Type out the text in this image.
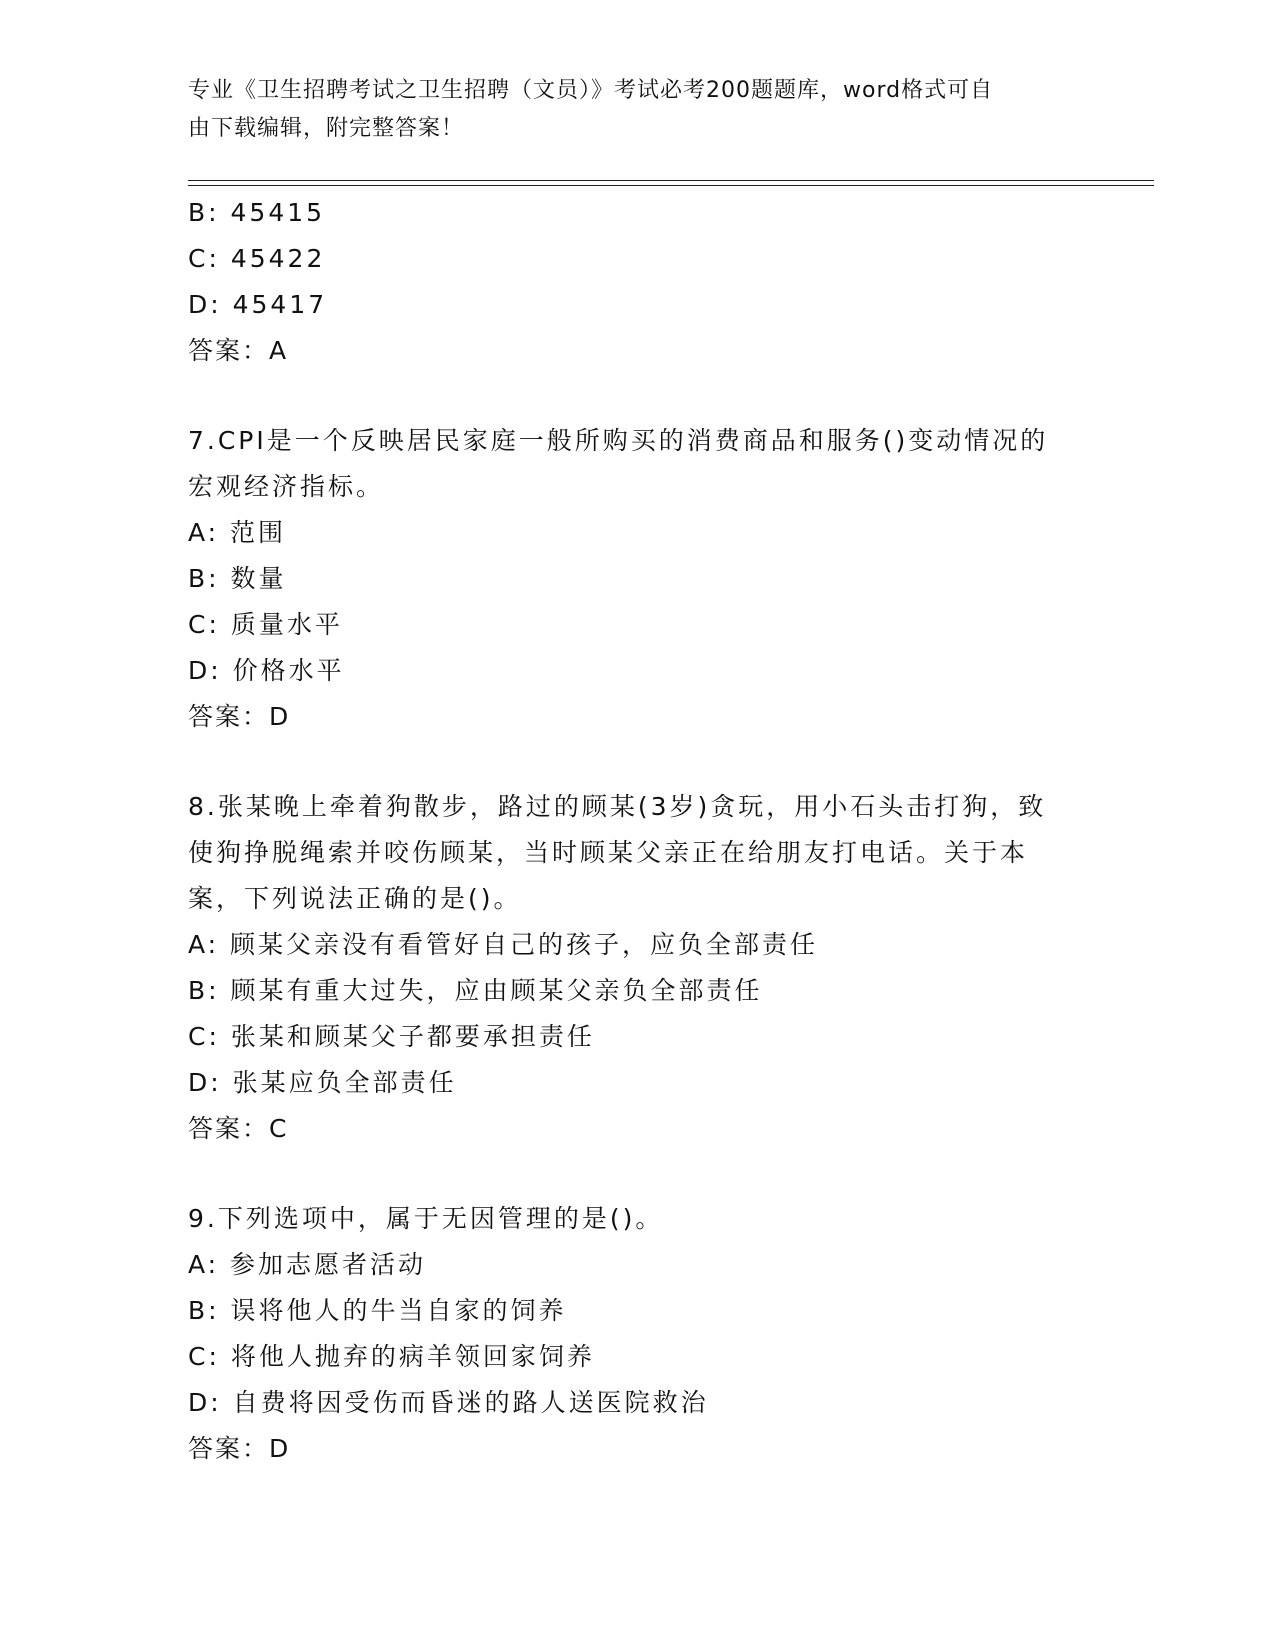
专业《卫生招聘考试之卫生招聘（文员）》考试必考200题题库，word格式可自
由下载编辑，附完整答案！
B: 45415
C: 45422
D: 45417
答案：A
7.CPI是一个反映居民家庭一般所购买的消费商品和服务()变动情况的
宏观经济指标。
A: 范围
B: 数量
C: 质量水平
D: 价格水平
答案：D
8.张某晚上牵着狗散步，路过的顾某(3岁)贪玩，用小石头击打狗，致
使狗挣脱绳索并咬伤顾某，当时顾某父亲正在给朋友打电话。关于本
案，下列说法正确的是()。
A: 顾某父亲没有看管好自己的孩子，应负全部责任
B: 顾某有重大过失，应由顾某父亲负全部责任
C: 张某和顾某父子都要承担责任
D: 张某应负全部责任
答案：C
9.下列选项中，属于无因管理的是()。
A: 参加志愿者活动
B: 误将他人的牛当自家的饲养
C: 将他人抛弃的病羊领回家饲养
D: 自费将因受伤而昏迷的路人送医院救治
答案：D
